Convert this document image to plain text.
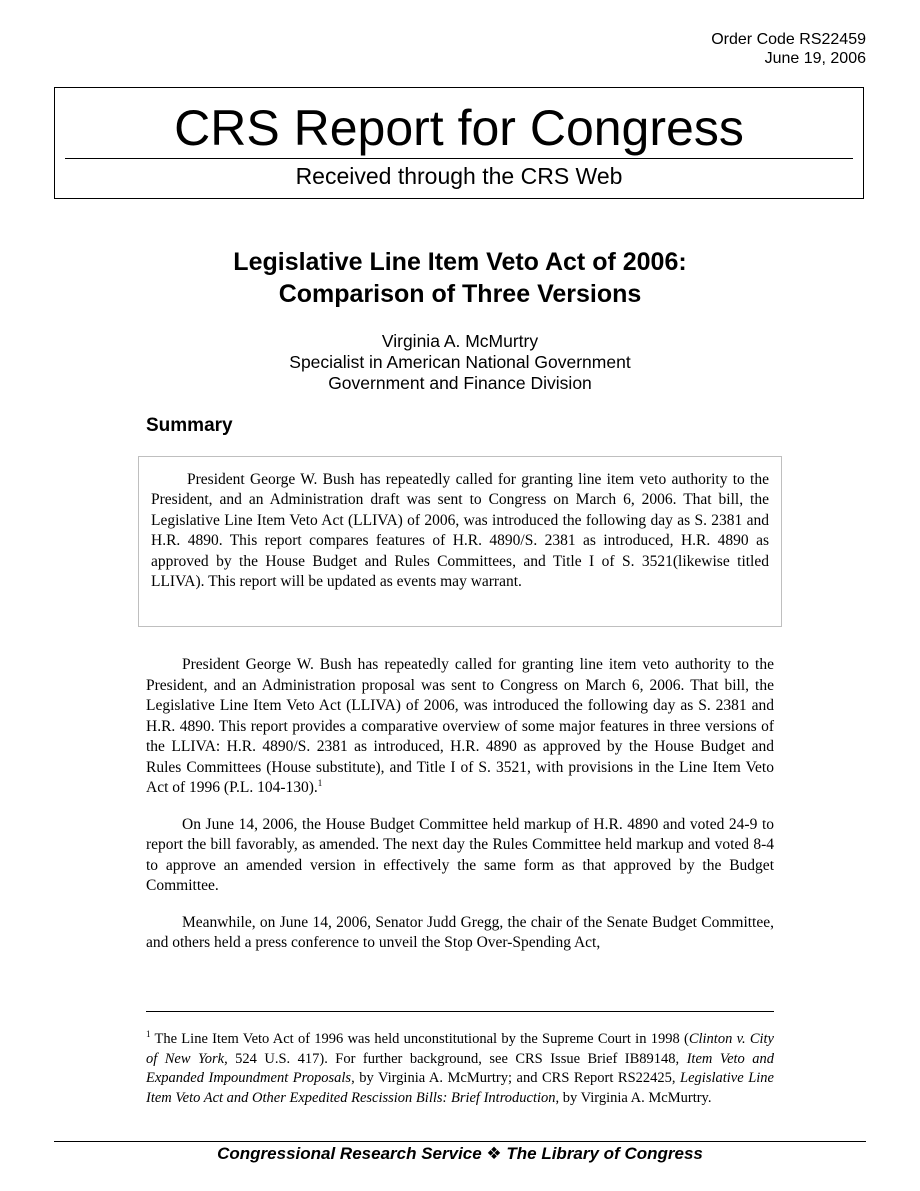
Order Code RS22459
June 19, 2006
CRS Report for Congress
Received through the CRS Web
Legislative Line Item Veto Act of 2006:
Comparison of Three Versions
Virginia A. McMurtry
Specialist in American National Government
Government and Finance Division
Summary

President George W. Bush has repeatedly called for granting line item veto authority to the President, and an Administration draft was sent to Congress on March 6, 2006. That bill, the Legislative Line Item Veto Act (LLIVA) of 2006, was introduced the following day as S. 2381 and H.R. 4890. This report compares features of H.R. 4890/S. 2381 as introduced, H.R. 4890 as approved by the House Budget and Rules Committees, and Title I of S. 3521(likewise titled LLIVA). This report will be updated as events may warrant.

President George W. Bush has repeatedly called for granting line item veto authority to the President, and an Administration proposal was sent to Congress on March 6, 2006. That bill, the Legislative Line Item Veto Act (LLIVA) of 2006, was introduced the following day as S. 2381 and H.R. 4890. This report provides a comparative overview of some major features in three versions of the LLIVA: H.R. 4890/S. 2381 as introduced, H.R. 4890 as approved by the House Budget and Rules Committees (House substitute), and Title I of S. 3521, with provisions in the Line Item Veto Act of 1996 (P.L. 104-130).$^1$

On June 14, 2006, the House Budget Committee held markup of H.R. 4890 and voted 24-9 to report the bill favorably, as amended. The next day the Rules Committee held markup and voted 8-4 to approve an amended version in effectively the same form as that approved by the Budget Committee.

Meanwhile, on June 14, 2006, Senator Judd Gregg, the chair of the Senate Budget Committee, and others held a press conference to unveil the Stop Over-Spending Act,

$^1$ The Line Item Veto Act of 1996 was held unconstitutional by the Supreme Court in 1998 (Clinton v. City of New York, 524 U.S. 417). For further background, see CRS Issue Brief IB89148, Item Veto and Expanded Impoundment Proposals, by Virginia A. McMurtry; and CRS Report RS22425, Legislative Line Item Veto Act and Other Expedited Rescission Bills: Brief Introduction, by Virginia A. McMurtry.

Congressional Research Service ❖ The Library of Congress
